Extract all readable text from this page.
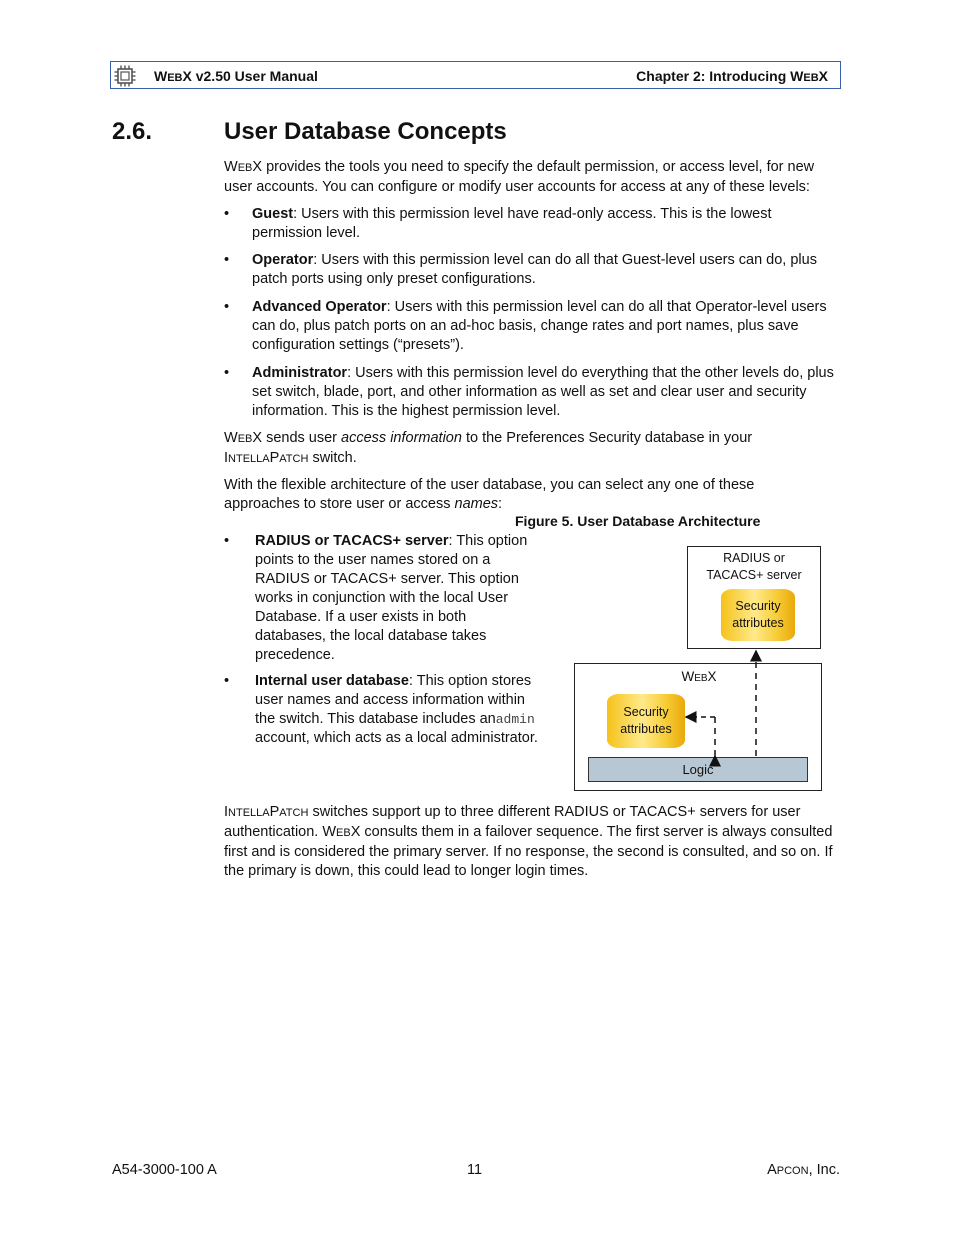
WEBX v2.50 User Manual	Chapter 2: Introducing WEBX
2.6.	User Database Concepts
WEBX provides the tools you need to specify the default permission, or access level, for new user accounts. You can configure or modify user accounts for access at any of these levels:
• Guest: Users with this permission level have read-only access. This is the lowest permission level.
• Operator: Users with this permission level can do all that Guest-level users can do, plus patch ports using only preset configurations.
• Advanced Operator: Users with this permission level can do all that Operator-level users can do, plus patch ports on an ad-hoc basis, change rates and port names, plus save configuration settings (“presets”).
• Administrator: Users with this permission level do everything that the other levels do, plus set switch, blade, port, and other information as well as set and clear user and security information. This is the highest permission level.
WEBX sends user access information to the Preferences Security database in your INTELLAPATCH switch.
With the flexible architecture of the user database, you can select any one of these approaches to store user or access names:
Figure 5. User Database Architecture
• RADIUS or TACACS+ server: This option points to the user names stored on a RADIUS or TACACS+ server. This option works in conjunction with the local User Database. If a user exists in both databases, the local database takes precedence.
• Internal user database: This option stores user names and access information within the switch. This database includes anadmin account, which acts as a local administrator.
RADIUS or
TACACS+ server
Security
attributes
WEBX
Security
attributes
Logic
INTELLAPATCH switches support up to three different RADIUS or TACACS+ servers for user authentication. WEBX consults them in a failover sequence. The first server is always consulted first and is considered the primary server. If no response, the second is consulted, and so on. If the primary is down, this could lead to longer login times.
A54-3000-100 A	11	APCON, Inc.
